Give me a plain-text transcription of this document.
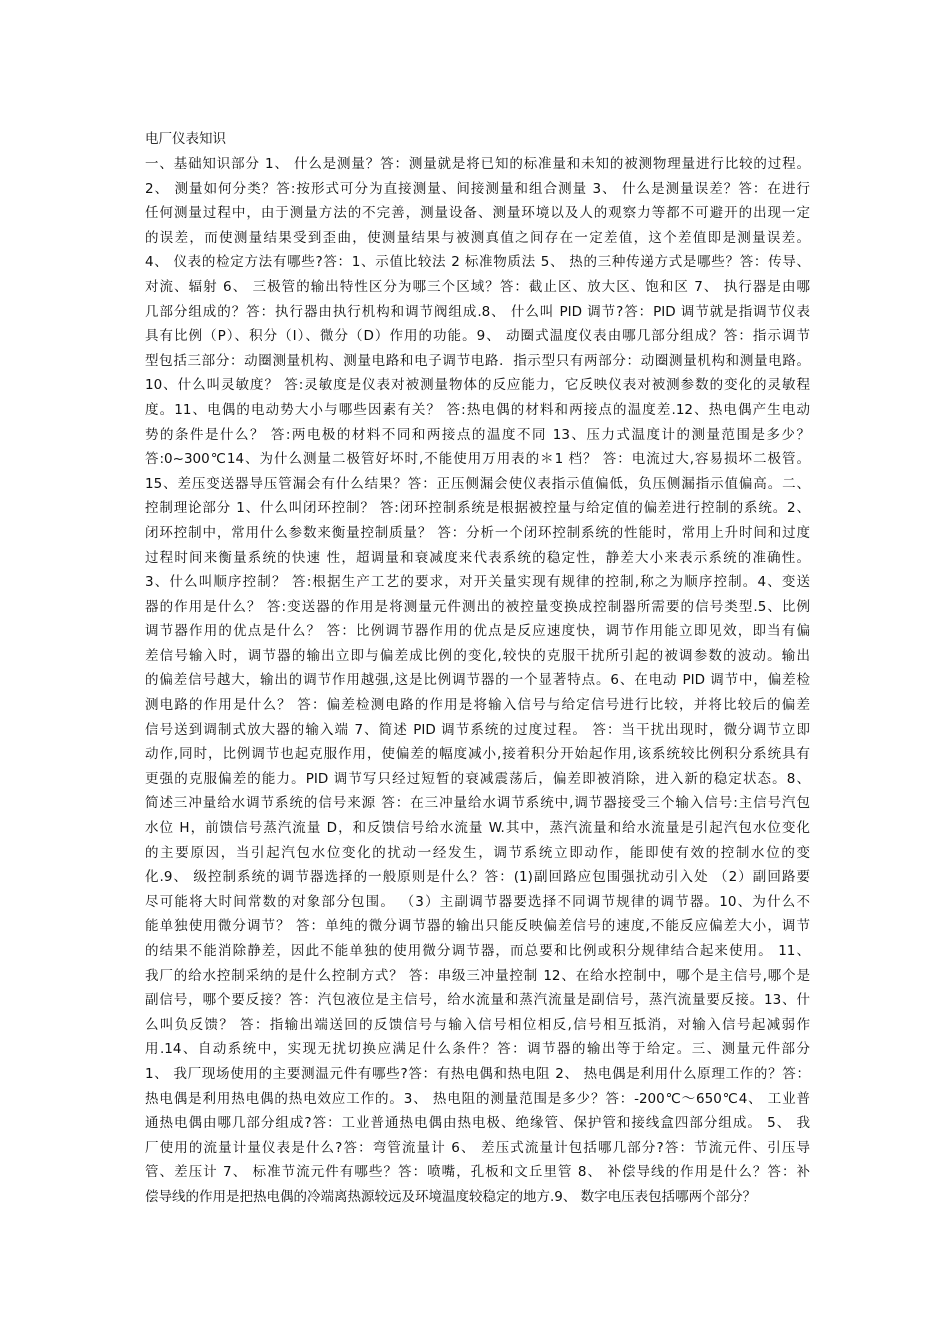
电厂仪表知识
一、基础知识部分 1、 什么是测量？答：测量就是将已知的标准量和未知的被测物理量进行比较的过程。
2、 测量如何分类？答:按形式可分为直接测量、间接测量和组合测量 3、 什么是测量误差？答：在进行
任何测量过程中，由于测量方法的不完善，测量设备、测量环境以及人的观察力等都不可避开的出现一定
的误差，而使测量结果受到歪曲，使测量结果与被测真值之间存在一定差值，这个差值即是测量误差。
4、 仪表的检定方法有哪些?答：1、示值比较法 2 标准物质法 5、 热的三种传递方式是哪些？答：传导、
对流、辐射 6、 三极管的输出特性区分为哪三个区域？答：截止区、放大区、饱和区 7、 执行器是由哪
几部分组成的？答：执行器由执行机构和调节阀组成.8、 什么叫 PID 调节?答：PID 调节就是指调节仪表
具有比例（P）、积分（I）、微分（D）作用的功能。9、 动圈式温度仪表由哪几部分组成？答：指示调节
型包括三部分：动圈测量机构、测量电路和电子调节电路．指示型只有两部分：动圈测量机构和测量电路。
10、什么叫灵敏度？ 答:灵敏度是仪表对被测量物体的反应能力，它反映仪表对被测参数的变化的灵敏程
度。11、电偶的电动势大小与哪些因素有关？ 答:热电偶的材料和两接点的温度差.12、热电偶产生电动
势的条件是什么？ 答:两电极的材料不同和两接点的温度不同 13、压力式温度计的测量范围是多少？
答:0~300℃14、为什么测量二极管好坏时,不能使用万用表的＊1 档？ 答：电流过大,容易损坏二极管。
15、差压变送器导压管漏会有什么结果？答：正压侧漏会使仪表指示值偏低，负压侧漏指示值偏高。二、
控制理论部分 1、什么叫闭环控制？ 答:闭环控制系统是根据被控量与给定值的偏差进行控制的系统。2、
闭环控制中，常用什么参数来衡量控制质量？ 答：分析一个闭环控制系统的性能时，常用上升时间和过度
过程时间来衡量系统的快速 性，超调量和衰减度来代表系统的稳定性，静差大小来表示系统的准确性。
3、什么叫顺序控制？ 答:根据生产工艺的要求，对开关量实现有规律的控制,称之为顺序控制。4、变送
器的作用是什么？ 答:变送器的作用是将测量元件测出的被控量变换成控制器所需要的信号类型.5、比例
调节器作用的优点是什么？ 答：比例调节器作用的优点是反应速度快，调节作用能立即见效，即当有偏
差信号输入时，调节器的输出立即与偏差成比例的变化,较快的克服干扰所引起的被调参数的波动。输出
的偏差信号越大，输出的调节作用越强,这是比例调节器的一个显著特点。6、在电动 PID 调节中，偏差检
测电路的作用是什么？ 答：偏差检测电路的作用是将输入信号与给定信号进行比较，并将比较后的偏差
信号送到调制式放大器的输入端 7、简述 PID 调节系统的过度过程。 答：当干扰出现时，微分调节立即
动作,同时，比例调节也起克服作用，使偏差的幅度减小,接着积分开始起作用,该系统较比例积分系统具有
更强的克服偏差的能力。PID 调节写只经过短暂的衰减震荡后，偏差即被消除，进入新的稳定状态。8、
简述三冲量给水调节系统的信号来源 答：在三冲量给水调节系统中,调节器接受三个输入信号:主信号汽包
水位 H，前馈信号蒸汽流量 D，和反馈信号给水流量 W.其中，蒸汽流量和给水流量是引起汽包水位变化
的主要原因，当引起汽包水位变化的扰动一经发生，调节系统立即动作，能即使有效的控制水位的变
化.9、 级控制系统的调节器选择的一般原则是什么？答：(1)副回路应包围强扰动引入处 （2）副回路要
尽可能将大时间常数的对象部分包围。 （3）主副调节器要选择不同调节规律的调节器。10、为什么不
能单独使用微分调节？ 答：单纯的微分调节器的输出只能反映偏差信号的速度,不能反应偏差大小，调节
的结果不能消除静差，因此不能单独的使用微分调节器，而总要和比例或积分规律结合起来使用。 11、
我厂的给水控制采纳的是什么控制方式？ 答：串级三冲量控制 12、在给水控制中，哪个是主信号,哪个是
副信号，哪个要反接？答：汽包液位是主信号，给水流量和蒸汽流量是副信号，蒸汽流量要反接。13、什
么叫负反馈？ 答：指输出端送回的反馈信号与输入信号相位相反,信号相互抵消，对输入信号起减弱作
用.14、自动系统中，实现无扰切换应满足什么条件？答：调节器的输出等于给定。三、测量元件部分
1、 我厂现场使用的主要测温元件有哪些?答：有热电偶和热电阻 2、 热电偶是利用什么原理工作的？答：
热电偶是利用热电偶的热电效应工作的。3、 热电阻的测量范围是多少？答：-200℃～650℃4、 工业普
通热电偶由哪几部分组成?答：工业普通热电偶由热电极、绝缘管、保护管和接线盒四部分组成。 5、 我
厂使用的流量计量仪表是什么?答：弯管流量计 6、 差压式流量计包括哪几部分?答：节流元件、引压导
管、差压计 7、 标准节流元件有哪些？答：喷嘴，孔板和文丘里管 8、 补偿导线的作用是什么？答：补
偿导线的作用是把热电偶的冷端离热源较远及环境温度较稳定的地方.9、 数字电压表包括哪两个部分？
